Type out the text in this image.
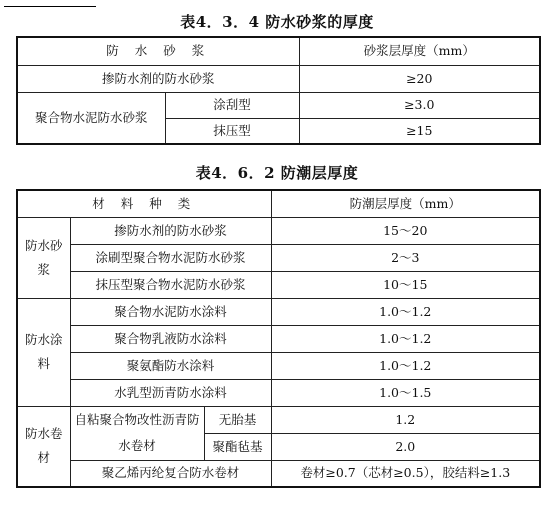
表4．3．4 防水砂浆的厚度
防 水 砂 浆		砂浆层厚度（mm）
掺防水剂的防水砂浆		≥20
聚合物水泥防水砂浆	涂刮型	≥3.0
	抹压型	≥15
表4．6．2 防潮层厚度
材 料 种 类			防潮层厚度（mm）
防水砂浆	掺防水剂的防水砂浆		15～20
	涂刷型聚合物水泥防水砂浆		2～3
	抹压型聚合物水泥防水砂浆		10～15
防水涂料	聚合物水泥防水涂料		1.0～1.2
	聚合物乳液防水涂料		1.0～1.2
	聚氨酯防水涂料		1.0～1.2
	水乳型沥青防水涂料		1.0～1.5
防水卷材	自粘聚合物改性沥青防水卷材	无胎基	1.2
		聚酯毡基	2.0
	聚乙烯丙纶复合防水卷材		卷材≥0.7（芯材≥0.5），胶结料≥1.3
